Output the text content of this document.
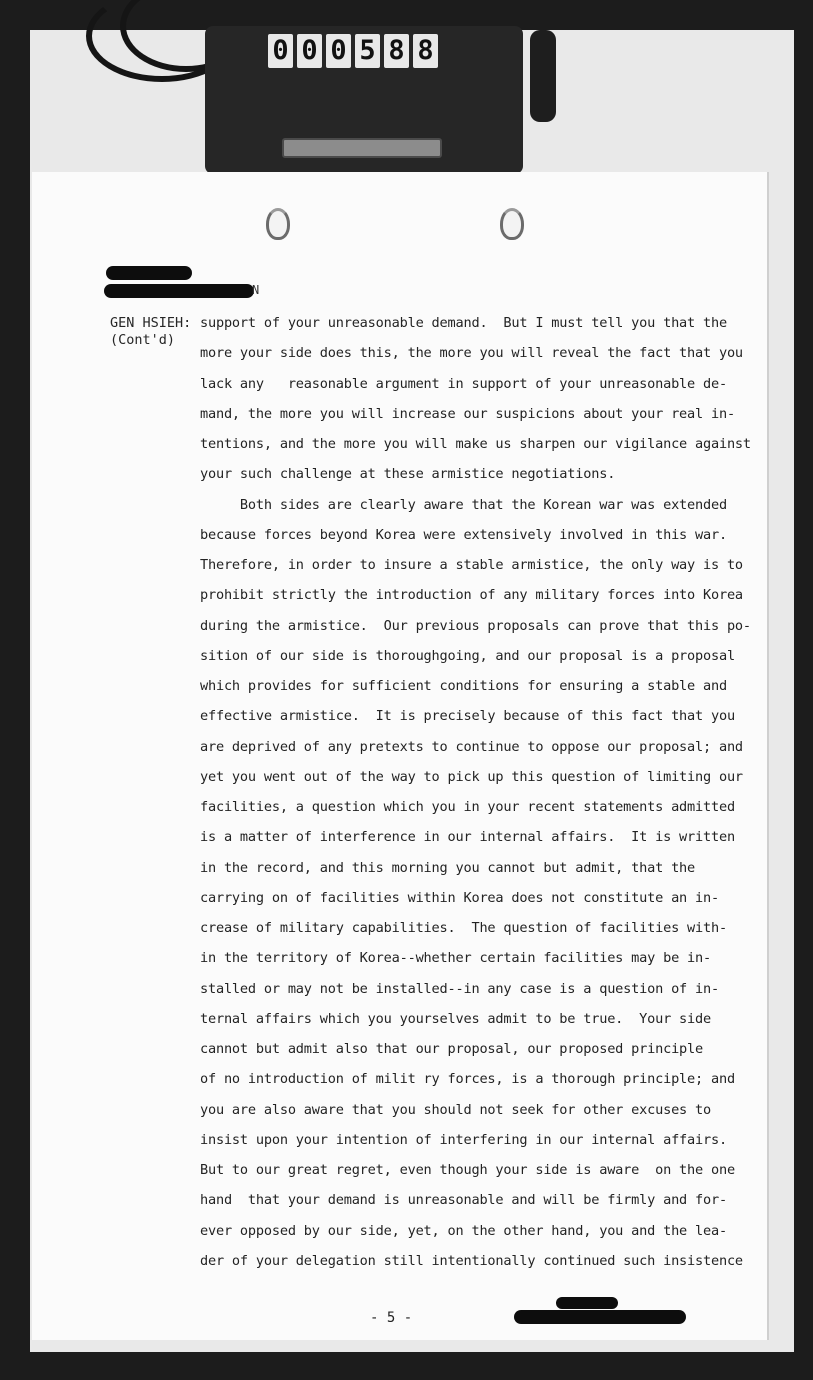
0 0 0 5 8 8
N
GEN HSIEH:
(Cont'd)
support of your unreasonable demand.  But I must tell you that the
more your side does this, the more you will reveal the fact that you
lack any   reasonable argument in support of your unreasonable de-
mand, the more you will increase our suspicions about your real in-
tentions, and the more you will make us sharpen our vigilance against
your such challenge at these armistice negotiations.
Both sides are clearly aware that the Korean war was extended
because forces beyond Korea were extensively involved in this war.
Therefore, in order to insure a stable armistice, the only way is to
prohibit strictly the introduction of any military forces into Korea
during the armistice.  Our previous proposals can prove that this po-
sition of our side is thoroughgoing, and our proposal is a proposal
which provides for sufficient conditions for ensuring a stable and
effective armistice.  It is precisely because of this fact that you
are deprived of any pretexts to continue to oppose our proposal; and
yet you went out of the way to pick up this question of limiting our
facilities, a question which you in your recent statements admitted
is a matter of interference in our internal affairs.  It is written
in the record, and this morning you cannot but admit, that the
carrying on of facilities within Korea does not constitute an in-
crease of military capabilities.  The question of facilities with-
in the territory of Korea--whether certain facilities may be in-
stalled or may not be installed--in any case is a question of in-
ternal affairs which you yourselves admit to be true.  Your side
cannot but admit also that our proposal, our proposed principle
of no introduction of milit ry forces, is a thorough principle; and
you are also aware that you should not seek for other excuses to
insist upon your intention of interfering in our internal affairs.
But to our great regret, even though your side is aware  on the one
hand  that your demand is unreasonable and will be firmly and for-
ever opposed by our side, yet, on the other hand, you and the lea-
der of your delegation still intentionally continued such insistence
- 5 -
